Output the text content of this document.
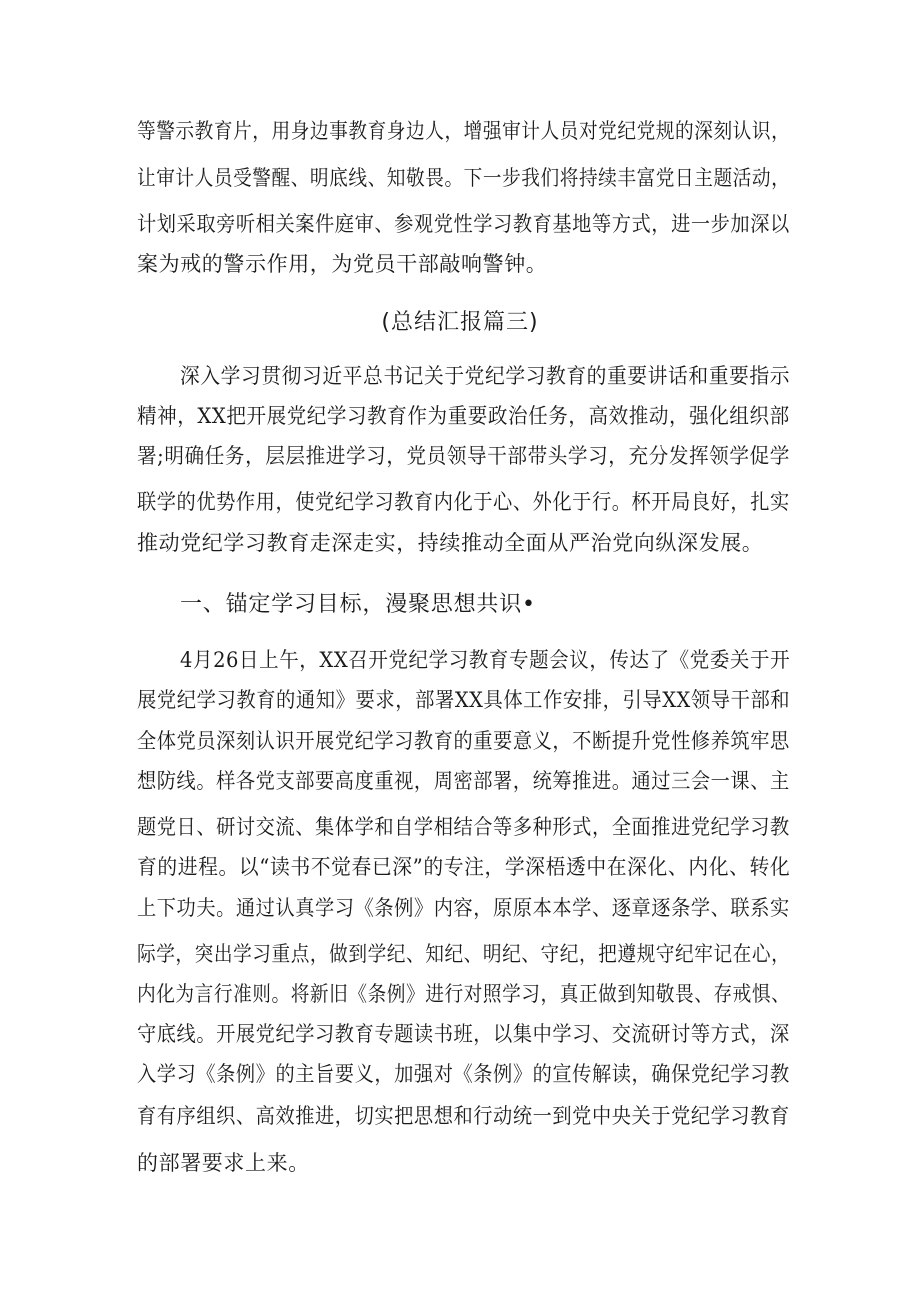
等警示教育片，用身边事教育身边人，增强审计人员对党纪党规的深刻认识，
让审计人员受警醒、明底线、知敬畏。下一步我们将持续丰富党日主题活动，
计划采取旁听相关案件庭审、参观党性学习教育基地等方式，进一步加深以
案为戒的警示作用，为党员干部敲响警钟。
(总结汇报篇三)
深入学习贯彻习近平总书记关于党纪学习教育的重要讲话和重要指示
精神，XX把开展党纪学习教育作为重要政治任务，高效推动，强化组织部
署;明确任务，层层推进学习，党员领导干部带头学习，充分发挥领学促学
联学的优势作用，使党纪学习教育内化于心、外化于行。杯开局良好，扎实
推动党纪学习教育走深走实，持续推动全面从严治党向纵深发展。
一、锚定学习目标，漫聚思想共识•
4月26日上午，XX召开党纪学习教育专题会议，传达了《党委关于开
展党纪学习教育的通知》要求，部署XX具体工作安排，引导XX领导干部和
全体党员深刻认识开展党纪学习教育的重要意义，不断提升党性修养筑牢思
想防线。样各党支部要高度重视，周密部署，统筹推进。通过三会一课、主
题党日、研讨交流、集体学和自学相结合等多种形式，全面推进党纪学习教
育的进程。以“读书不觉春已深”的专注，学深梧透中在深化、内化、转化
上下功夫。通过认真学习《条例》内容，原原本本学、逐章逐条学、联系实
际学，突出学习重点，做到学纪、知纪、明纪、守纪，把遵规守纪牢记在心，
内化为言行准则。将新旧《条例》进行对照学习，真正做到知敬畏、存戒惧、
守底线。开展党纪学习教育专题读书班，以集中学习、交流研讨等方式，深
入学习《条例》的主旨要义，加强对《条例》的宣传解读，确保党纪学习教
育有序组织、高效推进，切实把思想和行动统一到党中央关于党纪学习教育
的部署要求上来。
